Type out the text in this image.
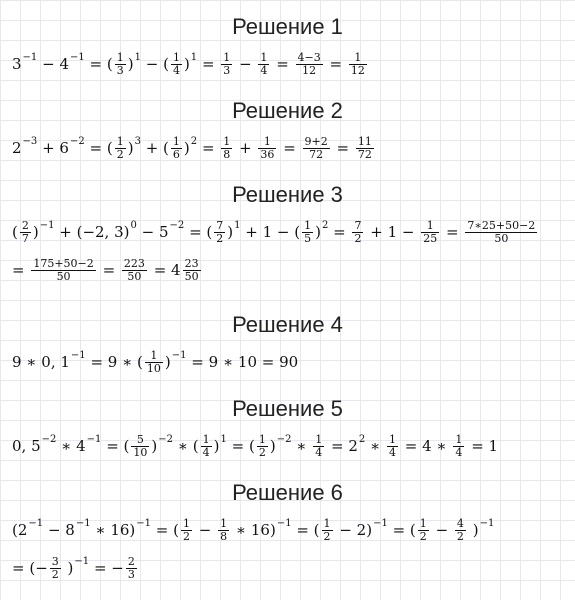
Решение 1
$3^{-1} - 4^{-1}$ = ( $\frac{1}{3} )^1$ − ( $\frac{1}{4} )^1 = \frac{1}{3} - \frac{1}{4} = \frac{4-3}{12} = \frac{1}{12}$
Решение 2
$2^{-3} + 6^{-2}$ = ( $\frac{1}{2} )^3$ + ( $\frac{1}{6} )^2 = \frac{1}{8} + \frac{1}{36} = \frac{9+2}{72} = \frac{11}{72}$
Решение 3
( $\frac{2}{7} )^{-1} + (-2$, $3)^0 - 5^{-2}$ = ( $\frac{7}{2} )^1 + 1$ − ( $\frac{1}{5} )^2 = \frac{7}{2} + 1 - \frac{1}{25} = \frac{7∗25+50-2}{50}$
= $\frac{175+50-2}{50} = \frac{223}{50} = 4 \frac{23}{50}$
Решение 4
9 ∗ 0, $1^{-1} = 9$ ∗ ( $\frac{1}{10} )^{-1} = 9$ ∗ 10 = 90
Решение 5
0, $5^{-2}$ ∗ $4^{-1}$ = ( $\frac{5}{10} )^{-2}$ ∗ ( $\frac{1}{4} )^1$ = ( $\frac{1}{2} )^{-2}$ ∗ $\frac{1}{4} = 2^2$ ∗ $\frac{1}{4} = 4$ ∗ $\frac{1}{4} = 1$
Решение 6
($2^{-1} - 8^{-1}$ ∗ 16)$^{-1}$ = ( $\frac{1}{2} - \frac{1}{8}$ ∗ 16)$^{-1}$ = ( $\frac{1}{2} - 2)^{-1}$ = ( $\frac{1}{2} - \frac{4}{2} )^{-1}$
= (− $\frac{3}{2} )^{-1}$ = − $\frac{2}{3}$
